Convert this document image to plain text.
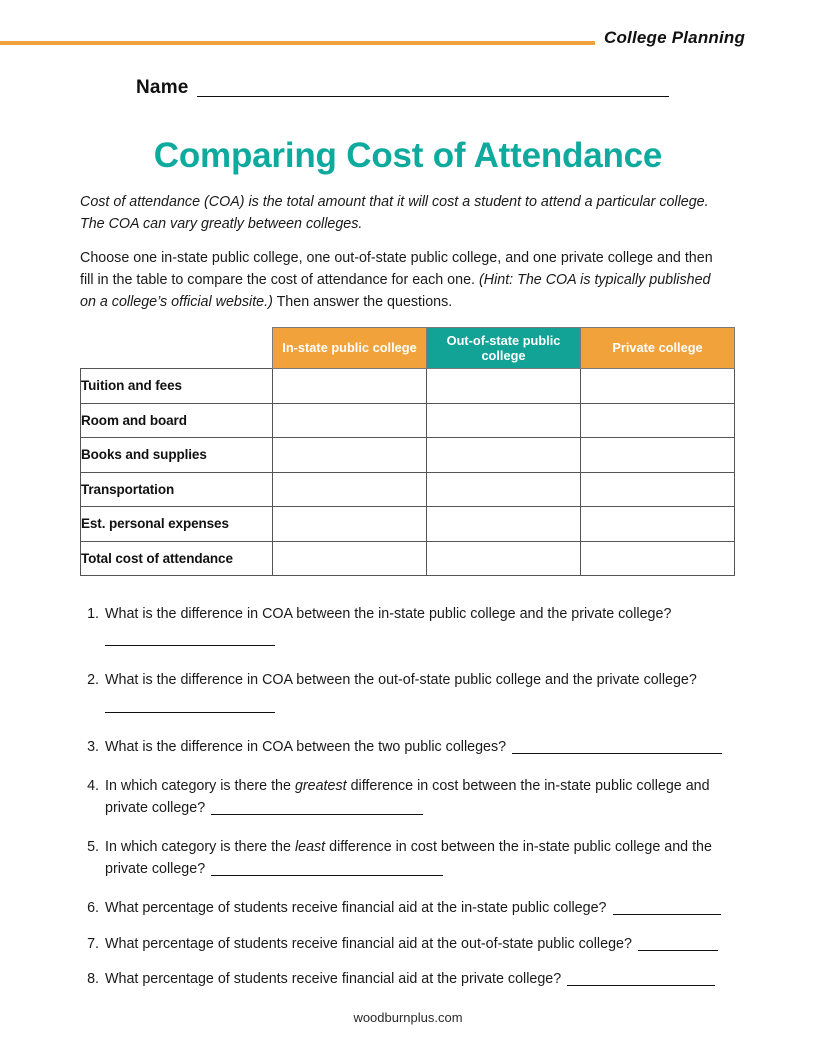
College Planning
Name
Comparing Cost of Attendance

Cost of attendance (COA) is the total amount that it will cost a student to attend a particular college. The COA can vary greatly between colleges.

Choose one in-state public college, one out-of-state public college, and one private college and then fill in the table to compare the cost of attendance for each one. (Hint: The COA is typically published on a college’s official website.) Then answer the questions.

	In-state public college	Out-of-state public college	Private college
Tuition and fees			
Room and board			
Books and supplies			
Transportation			
Est. personal expenses			
Total cost of attendance			
1. What is the difference in COA between the in-state public college and the private college?
2. What is the difference in COA between the out-of-state public college and the private college?
3. What is the difference in COA between the two public colleges?
4. In which category is there the greatest difference in cost between the in-state public college and private college?
5. In which category is there the least difference in cost between the in-state public college and the private college?
6. What percentage of students receive financial aid at the in-state public college?
7. What percentage of students receive financial aid at the out-of-state public college?
8. What percentage of students receive financial aid at the private college?
woodburnplus.com
